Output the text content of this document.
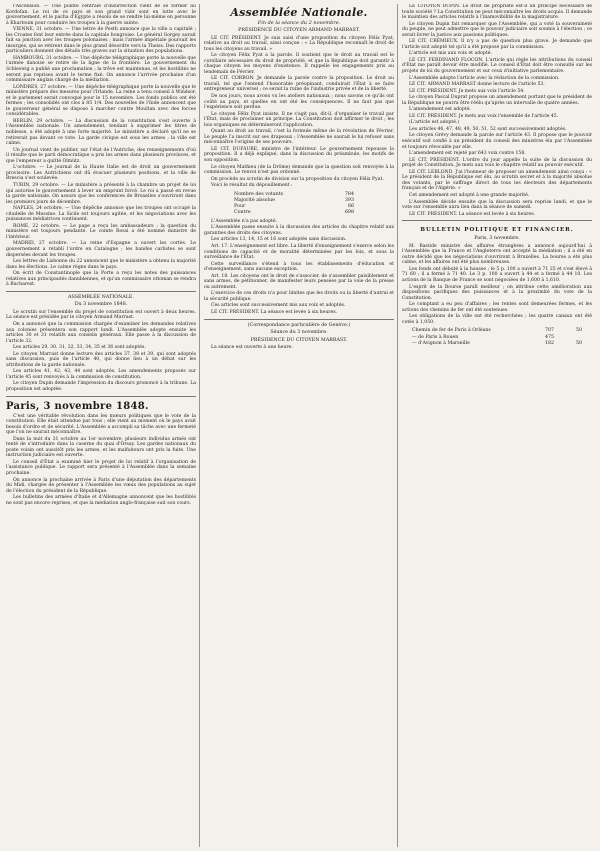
l'Ascension. — Une pointe centrale d'insurrection vient de se former au Kordofan. Le roi de ce pays et son grand vizir sont en lutte avec le gouvernement, et le pacha d'Egypte a résolu de se rendre lui-même en personne à Khartoum pour conduire les troupes à la guerre sainte.

VIENNE, 31 octobre. — Une lettre de Pesth annonce que la ville a capitulé ; les Croates font leur entrée dans la capitale hongroise. Le général Gorgey aurait fait sa jonction avec les troupes polonaises ; mais l'armée impériale poursuit les insurgés, qui se retirent dans le plus grand désordre vers la Theiss. Des rapports particuliers donnent des détails très graves sur la situation des populations.

HAMBOURG, 31 octobre. — Une dépêche télégraphique porte la nouvelle que l'armée danoise se retire de la ligne de la frontière. Le gouvernement du Schleswig a publié une proclamation ; la trêve est maintenue, et les hostilités ne seront pas reprises avant le terme fixé. On annonce l'arrivée prochaine d'un commissaire anglais chargé de la médiation.

LONDRES, 27 octobre. — Une dépêche télégraphique porte la nouvelle que le ministère prépare des mesures pour l'Irlande. La reine a tenu conseil à Windsor, et le parlement serait convoqué pour le 15 novembre. Les fonds publics ont été fermes ; les consolidés ont clos à 85 1/4. Des nouvelles de l'Inde annoncent que le gouverneur général se dispose à marcher contre Moultan avec des forces considérables.

BERLIN, 29 octobre. — La discussion de la constitution s'est ouverte à l'Assemblée nationale. Un amendement, tendant à supprimer les titres de noblesse, a été adopté à une forte majorité. Le ministère a déclaré qu'il ne se retirerait pas devant ce vote. La garde civique est sous les armes ; la ville est calme.

Un journal vient de publier, sur l'état de l'Autriche, des renseignements d'où il résulte que le parti démocratique a pris les armes dans plusieurs provinces, et que l'empereur a quitté Olmütz.

L'octobre. — Le journal de la Haute Italie est de droit un gouvernement provisoire. Les Autrichiens ont dû évacuer plusieurs positions, et la ville de Brescia s'est soulevée.

TURIN, 29 octobre. — Le ministère a présenté à la chambre un projet de loi qui autorise le gouvernement à lever un emprunt forcé. Le roi a passé en revue la garde nationale. On assure que les conférences de Bruxelles s'ouvriront dans les premiers jours de décembre.

NAPLES, 24 octobre. — Une dépêche annonce que les troupes ont occupé la citadelle de Messine. La Sicile est toujours agitée, et les négociations avec les puissances médiatrices continuent.

ROME, 22 octobre. — Le pape a reçu les ambassadeurs ; la question du ministère est toujours pendante. Le comte Rossi a été nommé ministre de l'intérieur.

MADRID, 27 octobre. — La reine d'Espagne a ouvert les cortès. Le gouvernement a rétabli l'ordre en Catalogne ; les bandes carlistes se sont dispersées devant les troupes.

Les lettres de Lisbonne du 22 annoncent que le ministère a obtenu la majorité dans les élections. Le calme règne dans le pays.

On écrit de Constantinople que la Porte a reçu les notes des puissances relatives aux principautés danubiennes, et qu'un commissaire ottoman se rendra à Bucharest.

ASSEMBLÉE NATIONALE.

Du 3 novembre 1848.

Le scrutin sur l'ensemble du projet de constitution est ouvert à deux heures. La séance est présidée par le citoyen Armand Marrast.

On a annoncé que la commission chargée d'examiner les demandes relatives aux colonies présentera son rapport lundi. L'Assemblée adopte ensuite les articles 30 et 31 relatifs aux conseils généraux. Elle passe à la discussion de l'article 32.

Les articles 29, 30, 31, 32, 33, 34, 35 et 36 sont adoptés.

Le citoyen Marrast donne lecture des articles 37, 38 et 39, qui sont adoptés sans discussion, puis de l'article 40, qui donne lieu à un débat sur les attributions de la garde nationale.

Les articles 41, 42, 43, 44 sont adoptés. Les amendements proposés sur l'article 45 sont renvoyés à la commission de constitution.

Le citoyen Dupin demande l'impression du discours prononcé à la tribune. La proposition est adoptée.

Paris, 3 novembre 1848.

C'est une véritable révolution dans les mœurs politiques que le vote de la constitution. Elle était attendue par tous ; elle vient au moment où le pays avait besoin d'ordre et de sécurité. L'Assemblée a accompli sa tâche avec une fermeté que l'on ne saurait méconnaître.

Dans la nuit du 31 octobre au 1er novembre, plusieurs individus armés ont tenté de s'introduire dans la caserne du quai d'Orsay. Les gardes nationaux du poste voisin ont aussitôt pris les armes, et les malfaiteurs ont pris la fuite. Une instruction judiciaire est ouverte.

Le conseil d'État a examiné hier le projet de loi relatif à l'organisation de l'assistance publique. Le rapport sera présenté à l'Assemblée dans la semaine prochaine.

On annonce la prochaine arrivée à Paris d'une députation des départements du Midi, chargée de présenter à l'Assemblée les vœux des populations au sujet de l'élection du président de la République.

Les bulletins des armées d'Italie et d'Allemagne annoncent que les hostilités ne sont pas encore reprises, et que la médiation anglo-française suit son cours.

Assemblée Nationale.
Fin de la séance du 2 novembre.

PRÉSIDENCE DU CITOYEN ARMAND MARRAST.

LE CIT. PRÉSIDENT. Je suis saisi d'une proposition du citoyen Félix Pyat, relative au droit au travail, ainsi conçue : « La République reconnaît le droit de tous les citoyens au travail. »

Le citoyen Félix Pyat a la parole. Il soutient que le droit au travail est le corollaire nécessaire du droit de propriété, et que la République doit garantir à chaque citoyen les moyens d'existence. Il rappelle les engagements pris au lendemain de Février.

LE CIT. CORBON. Je demande la parole contre la proposition. Le droit au travail, tel que l'entend l'honorable préopinant, conduirait l'État à se faire entrepreneur universel ; ce serait la ruine de l'industrie privée et de la liberté.

De nos jours, nous avons vu les ateliers nationaux ; nous savons ce qu'ils ont coûté au pays, et quelles en ont été les conséquences. Il ne faut pas que l'expérience soit perdue.

Le citoyen Félix Pyat insiste. Il ne s'agit pas, dit-il, d'organiser le travail par l'État, mais de proclamer un principe. La Constitution doit affirmer le droit ; les lois organiques en détermineront l'application.

Quant au droit au travail, c'est la formule même de la révolution de Février. Le peuple l'a inscrit sur ses drapeaux ; l'Assemblée ne saurait le lui refuser sans méconnaître l'origine de ses pouvoirs.

LE CIT. DUFAURE, ministre de l'intérieur. Le gouvernement repousse la proposition. Il a déjà expliqué, dans la discussion du préambule, les motifs de son opposition.

Le citoyen Mathieu (de la Drôme) demande que la question soit renvoyée à la commission. Le renvoi n'est pas ordonné.

On procède au scrutin de division sur la proposition du citoyen Félix Pyat.

Voici le résultat du dépouillement :

Nombre des votants	784
Majorité absolue	393
Pour	86
Contre	698

L'Assemblée n'a pas adopté.

L'Assemblée passe ensuite à la discussion des articles du chapitre relatif aux garanties des droits des citoyens.

Les articles 13, 14, 15 et 16 sont adoptés sans discussion.

Art. 17. L'enseignement est libre. La liberté d'enseignement s'exerce selon les conditions de capacité et de moralité déterminées par les lois, et sous la surveillance de l'État.

Cette surveillance s'étend à tous les établissements d'éducation et d'enseignement, sans aucune exception.

Art. 18. Les citoyens ont le droit de s'associer, de s'assembler paisiblement et sans armes, de pétitionner, de manifester leurs pensées par la voie de la presse ou autrement.

L'exercice de ces droits n'a pour limites que les droits ou la liberté d'autrui et la sécurité publique.

Ces articles sont successivement mis aux voix et adoptés.

LE CIT. PRÉSIDENT. La séance est levée à six heures.

(Correspondance particulière de Genève.)

Séance du 3 novembre.

PRÉSIDENCE DU CITOYEN MARRAST.

La séance est ouverte à une heure.

LE CITOYEN DUPIN. Le droit de propriété est-il un principe nécessaire de toute société ? La Constitution ne peut méconnaître les droits acquis. Il demande le maintien des articles relatifs à l'inamovibilité de la magistrature.

Le citoyen Dupin fait remarquer que l'Assemblée, qui a voté la souveraineté du peuple, ne peut admettre que le pouvoir judiciaire soit soumis à l'élection ; ce serait livrer la justice aux passions politiques.

LE CIT. CRÉMIEUX. Il n'y a pas de question plus grave. Je demande que l'article soit adopté tel qu'il a été proposé par la commission.

L'article est mis aux voix et adopté.

LE CIT. FERDINAND FLOCON. L'article qui règle les attributions du conseil d'État me paraît devoir être modifié. Le conseil d'État doit être consulté sur les projets de loi du gouvernement et sur ceux d'initiative parlementaire.

L'Assemblée adopte l'article avec la rédaction de la commission.

LE CIT. ARMAND MARRAST donne lecture de l'article 53.

LE CIT. PRÉSIDENT. Je mets aux voix l'article 54.

Le citoyen Pascal Duprat propose un amendement portant que le président de la République ne pourra être réélu qu'après un intervalle de quatre années.

L'amendement est adopté.

LE CIT. PRÉSIDENT. Je mets aux voix l'ensemble de l'article 45.

(L'article est adopté.)

Les articles 46, 47, 48, 49, 50, 51, 52 sont successivement adoptés.

Le citoyen Grévy demande la parole sur l'article 43. Il propose que le pouvoir exécutif soit confié à un président du conseil des ministres élu par l'Assemblée et toujours révocable par elle.

L'amendement est rejeté par 643 voix contre 158.

LE CIT. PRÉSIDENT. L'ordre du jour appelle la suite de la discussion du projet de Constitution. Je mets aux voix le chapitre relatif au pouvoir exécutif.

LE CIT. LEBLOND. J'ai l'honneur de proposer un amendement ainsi conçu : « Le président de la République est élu, au scrutin secret et à la majorité absolue des votants, par le suffrage direct de tous les électeurs des départements français et de l'Algérie. »

Cet amendement est adopté à une grande majorité.

L'Assemblée décide ensuite que la discussion sera reprise lundi, et que le vote sur l'ensemble aura lieu dans la séance de samedi.

LE CIT. PRÉSIDENT. La séance est levée à six heures.

BULLETIN POLITIQUE ET FINANCIER.

Paris, 3 novembre.

M. Bastide ministre des affaires étrangères a annoncé aujourd'hui à l'Assemblée que la France et l'Angleterre ont accepté la médiation ; il a été en outre décidé que les négociations s'ouvriront à Bruxelles. La bourse a été plus calme, et les affaires ont été plus nombreuses.

Les fonds ont débuté à la hausse ; le 5 p. 100 a ouvert à 71 25 et s'est élevé à 71 60 ; il a fermé à 71 40. Le 3 p. 100 a ouvert à 44 et a fermé à 44 10. Les actions de la Banque de France se sont négociées de 1,600 à 1,610.

L'esprit de la Bourse paraît meilleur ; on attribue cette amélioration aux dispositions pacifiques des puissances et à la proximité du vote de la Constitution.

Le comptant a eu peu d'affaires ; les rentes sont demeurées fermes, et les actions des chemins de fer ont été soutenues.

Les obligations de la ville ont été recherchées ; les quatre canaux ont été cotés à 1,050.

Chemin de fer de Paris à Orléans	707	50
— de Paris à Rouen	475
— d'Avignon à Marseille	182	50
